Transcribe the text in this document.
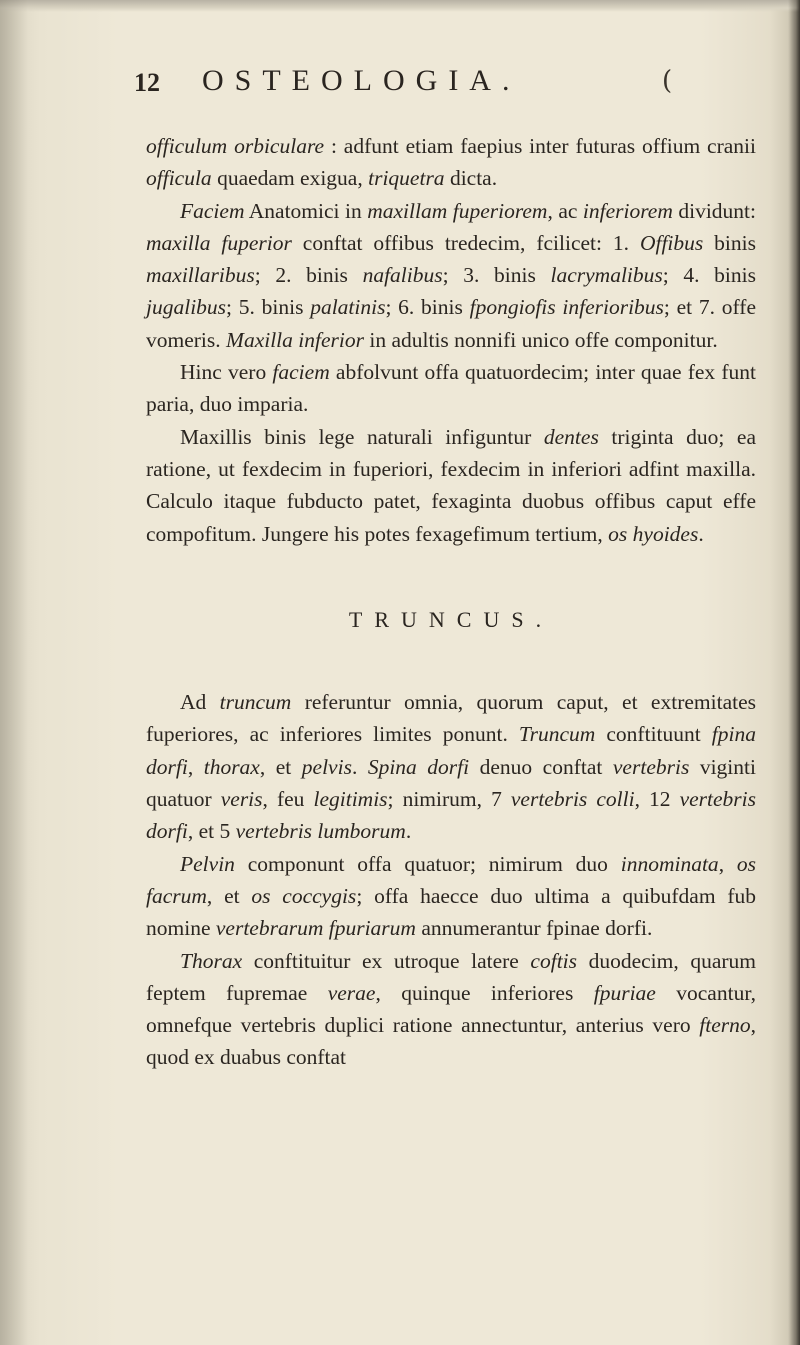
12 OSTEOLOGIA.	(

officulum orbiculare : adfunt etiam faepius inter futuras offium cranii officula quaedam exigua, triquetra dicta.

Faciem Anatomici in maxillam fuperiorem, ac inferiorem dividunt: maxilla fuperior conftat offibus tredecim, fcilicet: 1. Offibus binis maxillaribus; 2. binis nafalibus; 3. binis lacrymalibus; 4. binis jugalibus; 5. binis palatinis; 6. binis fpongiofis inferioribus; et 7. offe vomeris. Maxilla inferior in adultis nonnifi unico offe componitur.

Hinc vero faciem abfolvunt offa quatuordecim; inter quae fex funt paria, duo imparia.

Maxillis binis lege naturali infiguntur dentes triginta duo; ea ratione, ut fexdecim in fuperiori, fexdecim in inferiori adfint maxilla. Calculo itaque fubducto patet, fexaginta duobus offibus caput effe compofitum. Jungere his potes fexagefimum tertium, os hyoides.

TRUNCUS.

Ad truncum referuntur omnia, quorum caput, et extremitates fuperiores, ac inferiores limites ponunt. Truncum conftituunt fpina dorfi, thorax, et pelvis. Spina dorfi denuo conftat vertebris viginti quatuor veris, feu legitimis; nimirum, 7 vertebris colli, 12 vertebris dorfi, et 5 vertebris lumborum.

Pelvin componunt offa quatuor; nimirum duo innominata, os facrum, et os coccygis; offa haecce duo ultima a quibufdam fub nomine vertebrarum fpuriarum annumerantur fpinae dorfi.

Thorax conftituitur ex utroque latere coftis duodecim, quarum feptem fupremae verae, quinque inferiores fpuriae vocantur, omnefque vertebris duplici ratione annectuntur, anterius vero fterno, quod ex duabus conftat
